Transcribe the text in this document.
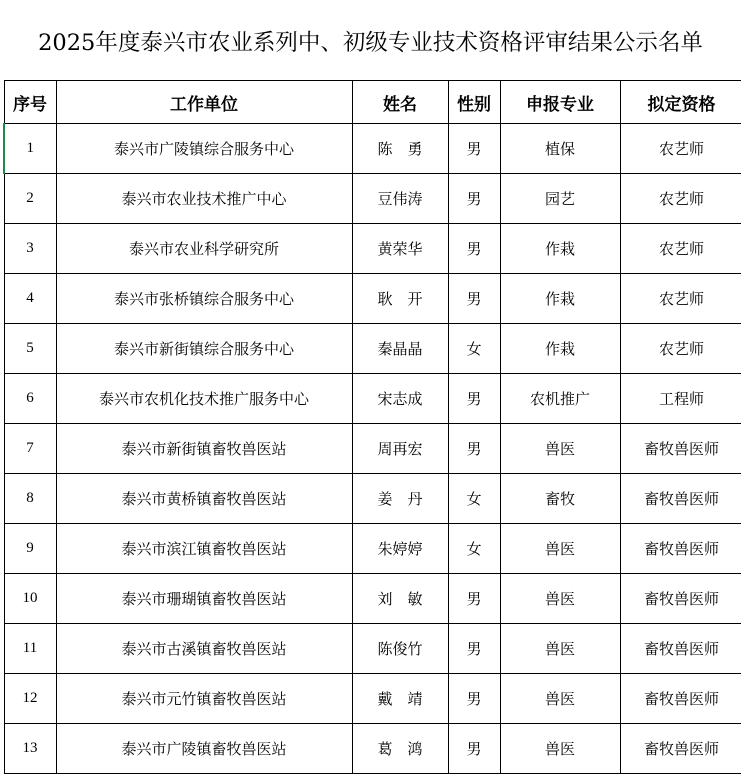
2025年度泰兴市农业系列中、初级专业技术资格评审结果公示名单
序号	工作单位	姓名	性别	申报专业	拟定资格
1	泰兴市广陵镇综合服务中心	陈　勇	男	植保	农艺师
2	泰兴市农业技术推广中心	豆伟涛	男	园艺	农艺师
3	泰兴市农业科学研究所	黄荣华	男	作栽	农艺师
4	泰兴市张桥镇综合服务中心	耿　开	男	作栽	农艺师
5	泰兴市新街镇综合服务中心	秦晶晶	女	作栽	农艺师
6	泰兴市农机化技术推广服务中心	宋志成	男	农机推广	工程师
7	泰兴市新街镇畜牧兽医站	周再宏	男	兽医	畜牧兽医师
8	泰兴市黄桥镇畜牧兽医站	姜　丹	女	畜牧	畜牧兽医师
9	泰兴市滨江镇畜牧兽医站	朱婷婷	女	兽医	畜牧兽医师
10	泰兴市珊瑚镇畜牧兽医站	刘　敏	男	兽医	畜牧兽医师
11	泰兴市古溪镇畜牧兽医站	陈俊竹	男	兽医	畜牧兽医师
12	泰兴市元竹镇畜牧兽医站	戴　靖	男	兽医	畜牧兽医师
13	泰兴市广陵镇畜牧兽医站	葛　鸿	男	兽医	畜牧兽医师
